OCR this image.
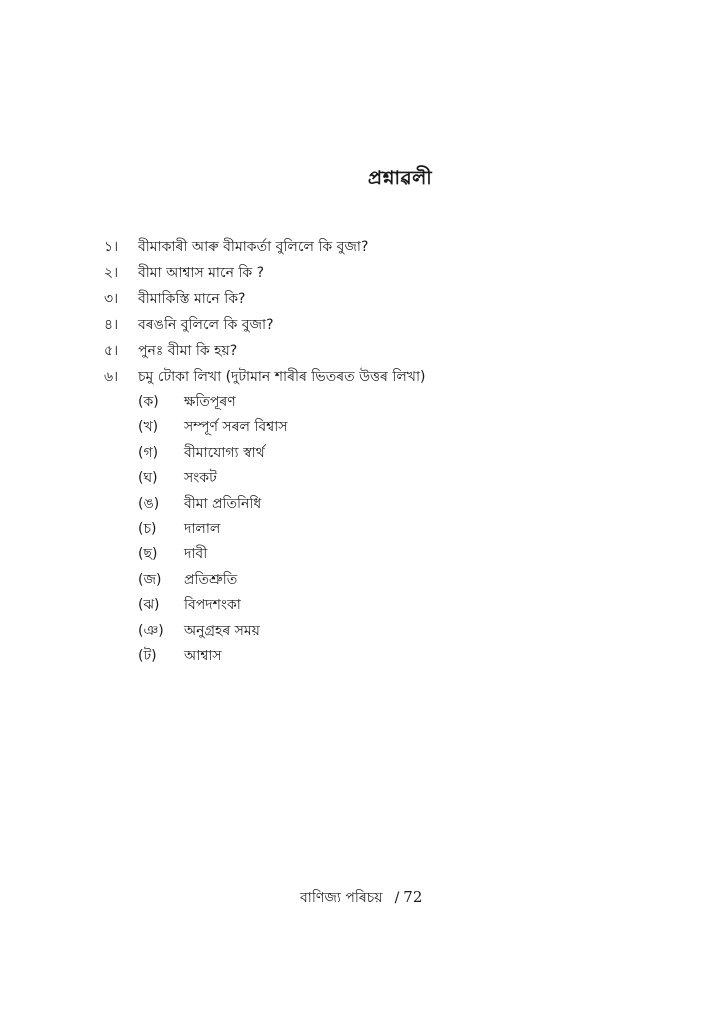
প্ৰশ্নাৱলী
১।	বীমাকাৰী আৰু বীমাকৰ্তা বুলিলে কি বুজা?
২।	বীমা আশ্বাস মানে কি ?
৩।	বীমাকিস্তি মানে কি?
৪।	বৰঙনি বুলিলে কি বুজা?
৫।	পুনঃ বীমা কি হয়?
৬।	চমু টোকা লিখা (দুটামান শাৰীৰ ভিতৰত উত্তৰ লিখা)
(ক)	ক্ষতিপূৰণ
(খ)	সম্পূৰ্ণ সৰল বিশ্বাস
(গ)	বীমাযোগ্য স্বাৰ্থ
(ঘ)	সংকট
(ঙ)	বীমা প্ৰতিনিধি
(চ)	দালাল
(ছ)	দাবী
(জ)	প্ৰতিশ্ৰুতি
(ঝ)	বিপদশংকা
(ঞ)	অনুগ্ৰহৰ সময়
(ট)	আশ্বাস
বাণিজ্য পৰিচয় / 72
